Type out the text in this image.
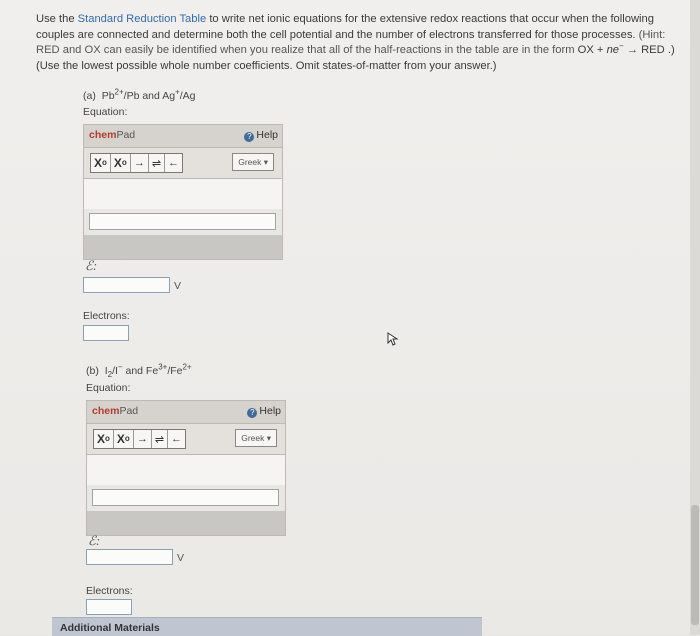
Use the Standard Reduction Table to write net ionic equations for the extensive redox reactions that occur when the following couples are connected and determine both the cell potential and the number of electrons transferred for those processes. (Hint: RED and OX can easily be identified when you realize that all of the half-reactions in the table are in the form OX + ne− → RED .) (Use the lowest possible whole number coefficients. Omit states-of-matter from your answer.)
(a) $Pb^{2+}/Pb$ and Ag+/Ag
Equation:
chemPad	? Help
X o X o → ⇌ ←	Greek ▾
ℰ:
V
Electrons:
(b) $I_2/I^-$ and $Fe^{3+}/Fe^{2+}$
Equation:
chemPad	? Help
X o X o → ⇌ ←	Greek ▾
ℰ:
V
Electrons:
Additional Materials
